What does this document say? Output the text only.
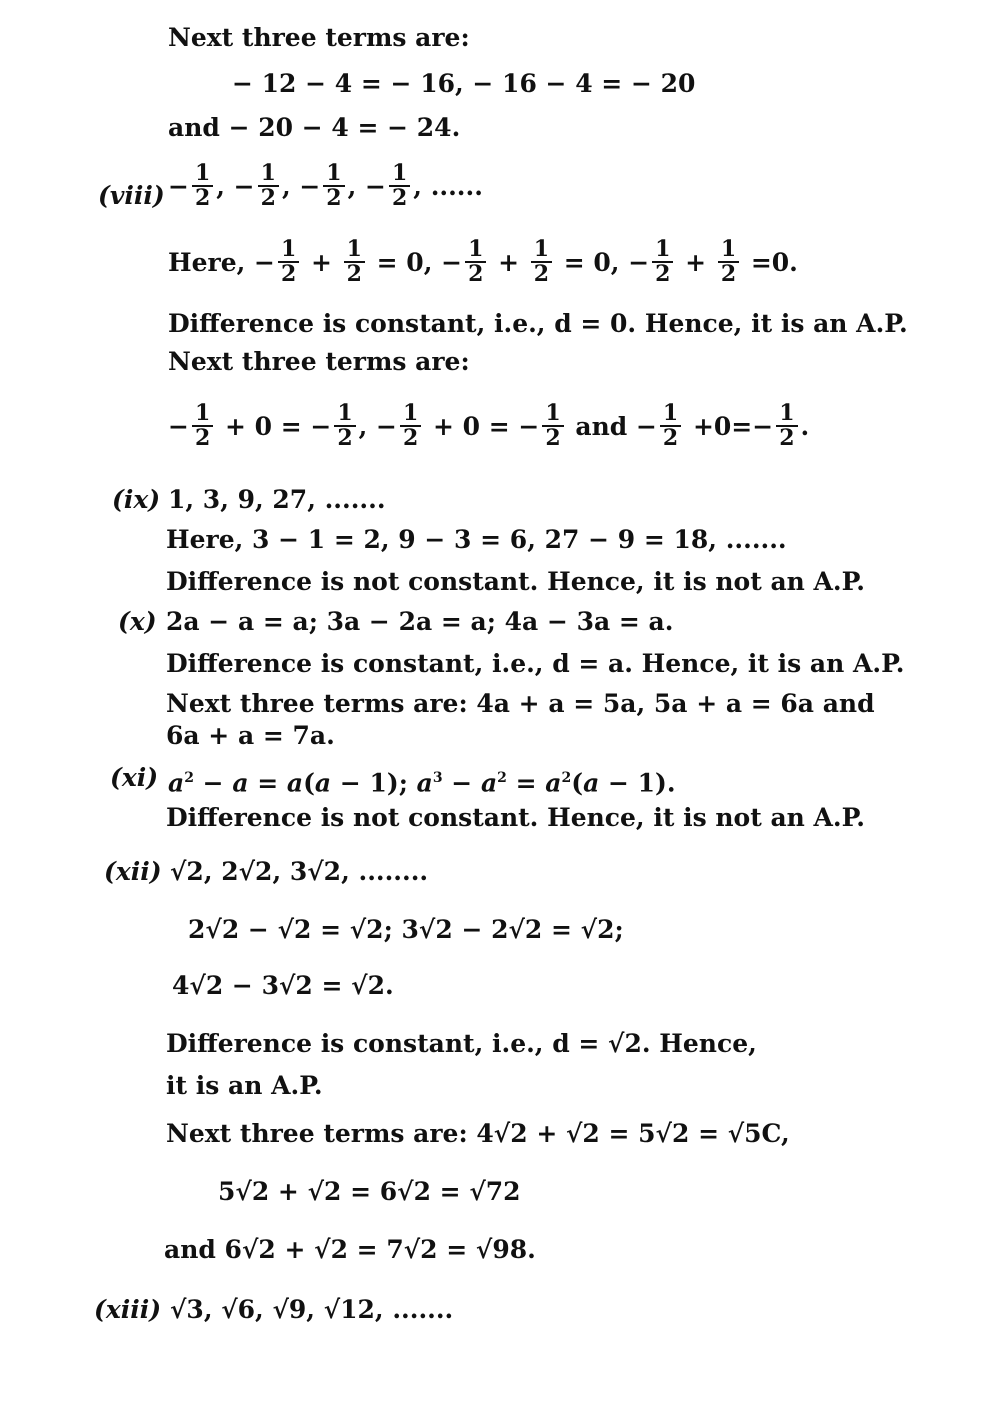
Next three terms are:
− 12 − 4 = − 16, − 16 − 4 = − 20
and − 20 − 4 = − 24.
(viii) − $\frac{1}{2}$ , − $\frac{1}{2}$ , − $\frac{1}{2}$ , − $\frac{1}{2}$ , ......
Here, − $\frac{1}{2} + \frac{1}{2} = 0$, − $\frac{1}{2} + \frac{1}{2} = 0$, − $\frac{1}{2} + \frac{1}{2} =0$.
Difference is constant, i.e., d = 0. Hence, it is an A.P.
Next three terms are:
− $\frac{1}{2} + 0$ = − $\frac{1}{2}$ , − $\frac{1}{2} + 0$ = − $\frac{1}{2}$ and − $\frac{1}{2} +0=- \frac{1}{2}$ .
(ix) 1, 3, 9, 27, .......
Here, 3 − 1 = 2, 9 − 3 = 6, 27 − 9 = 18, .......
Difference is not constant. Hence, it is not an A.P.
(x) 2a − a = a; 3a − 2a = a; 4a − 3a = a.
Difference is constant, i.e., d = a. Hence, it is an A.P.
Next three terms are: 4a + a = 5a, 5a + a = 6a and
6a + a = 7a.
(xi) $a^2 - a = a(a - 1)$; $a^3 - a^2 = a^2(a - 1)$.
Difference is not constant. Hence, it is not an A.P.
(xii) √2, 2√2, 3√2, ........
2√2 − √2 = √2; 3√2 − 2√2 = √2;
4√2 − 3√2 = √2.
Difference is constant, i.e., d = √2. Hence,
it is an A.P.
Next three terms are: 4√2 + √2 = 5√2 = √5C,
5√2 + √2 = 6√2 = √72
and 6√2 + √2 = 7√2 = √98.
(xiii) √3, √6, √9, √12, .......
